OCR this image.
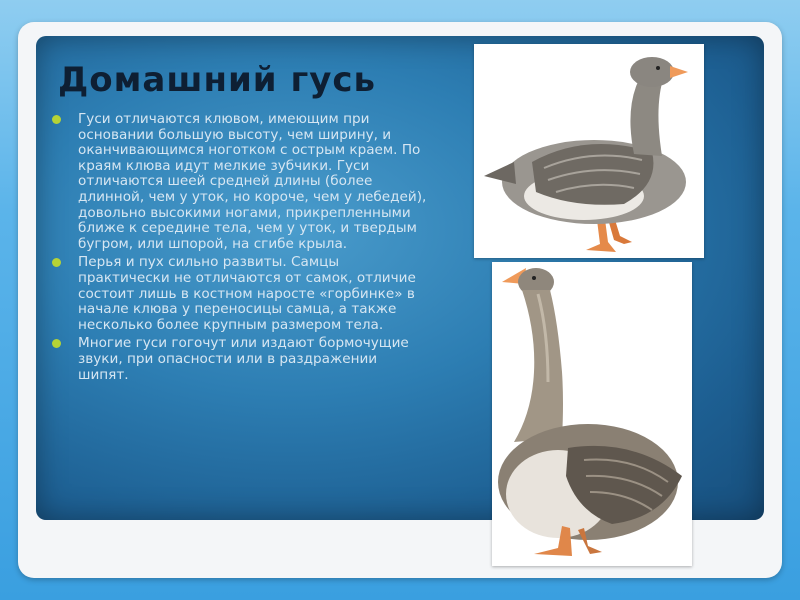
Домашний гусь
Гуси отличаются клювом, имеющим при основании большую высоту, чем ширину, и оканчивающимся ноготком с острым краем. По краям клюва идут мелкие зубчики. Гуси отличаются шеей средней длины (более длинной, чем у уток, но короче, чем у лебедей), довольно высокими ногами, прикрепленными ближе к середине тела, чем у уток, и твердым бугром, или шпорой, на сгибе крыла.
Перья и пух сильно развиты. Самцы практически не отличаются от самок, отличие состоит лишь в костном наросте «горбинке» в начале клюва у переносицы самца, а также несколько более крупным размером тела.
Многие гуси гогочут или издают бормочущие звуки, при опасности или в раздражении шипят.
